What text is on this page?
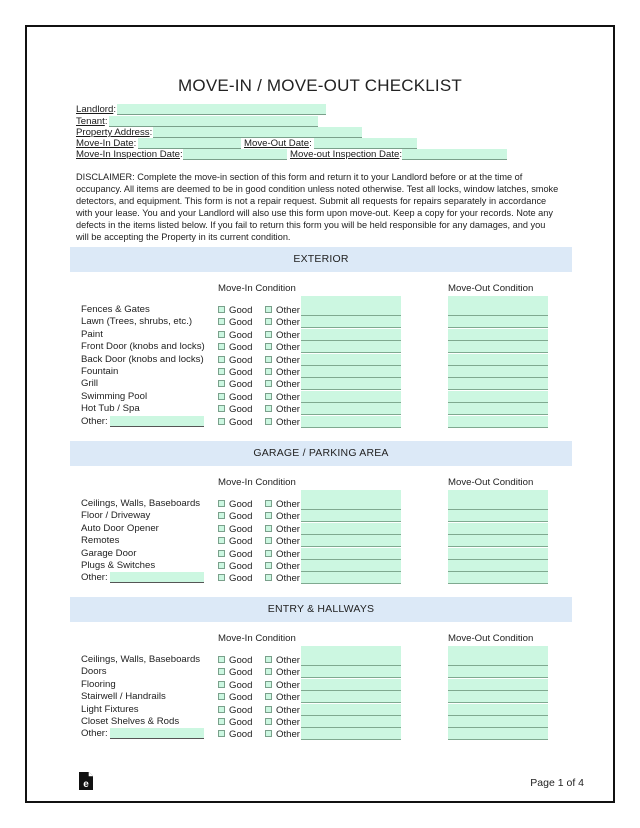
MOVE-IN / MOVE-OUT CHECKLIST
Landlord:
Tenant:
Property Address:
Move-In Date:	Move-Out Date:
Move-In Inspection Date:	Move-out Inspection Date:
DISCLAIMER: Complete the move-in section of this form and return it to your Landlord before or at the time of occupancy. All items are deemed to be in good condition unless noted otherwise. Test all locks, window latches, smoke detectors, and equipment. This form is not a repair request. Submit all requests for repairs separately in accordance with your lease. You and your Landlord will also use this form upon move-out. Keep a copy for your records. Note any defects in the items listed below. If you fail to return this form you will be held responsible for any damages, and you will be accepting the Property in its current condition.
EXTERIOR
Move-In Condition	Move-Out Condition
Fences & Gates	Good	Other
Lawn (Trees, shrubs, etc.)	Good	Other
Paint	Good	Other
Front Door (knobs and locks)	Good	Other
Back Door (knobs and locks)	Good	Other
Fountain	Good	Other
Grill	Good	Other
Swimming Pool	Good	Other
Hot Tub / Spa	Good	Other
Other:	Good	Other
GARAGE / PARKING AREA
Move-In Condition	Move-Out Condition
Ceilings, Walls, Baseboards	Good	Other
Floor / Driveway	Good	Other
Auto Door Opener	Good	Other
Remotes	Good	Other
Garage Door	Good	Other
Plugs & Switches	Good	Other
Other:	Good	Other
ENTRY & HALLWAYS
Move-In Condition	Move-Out Condition
Ceilings, Walls, Baseboards	Good	Other
Doors	Good	Other
Flooring	Good	Other
Stairwell / Handrails	Good	Other
Light Fixtures	Good	Other
Closet Shelves & Rods	Good	Other
Other:	Good	Other
e	Page 1 of 4
